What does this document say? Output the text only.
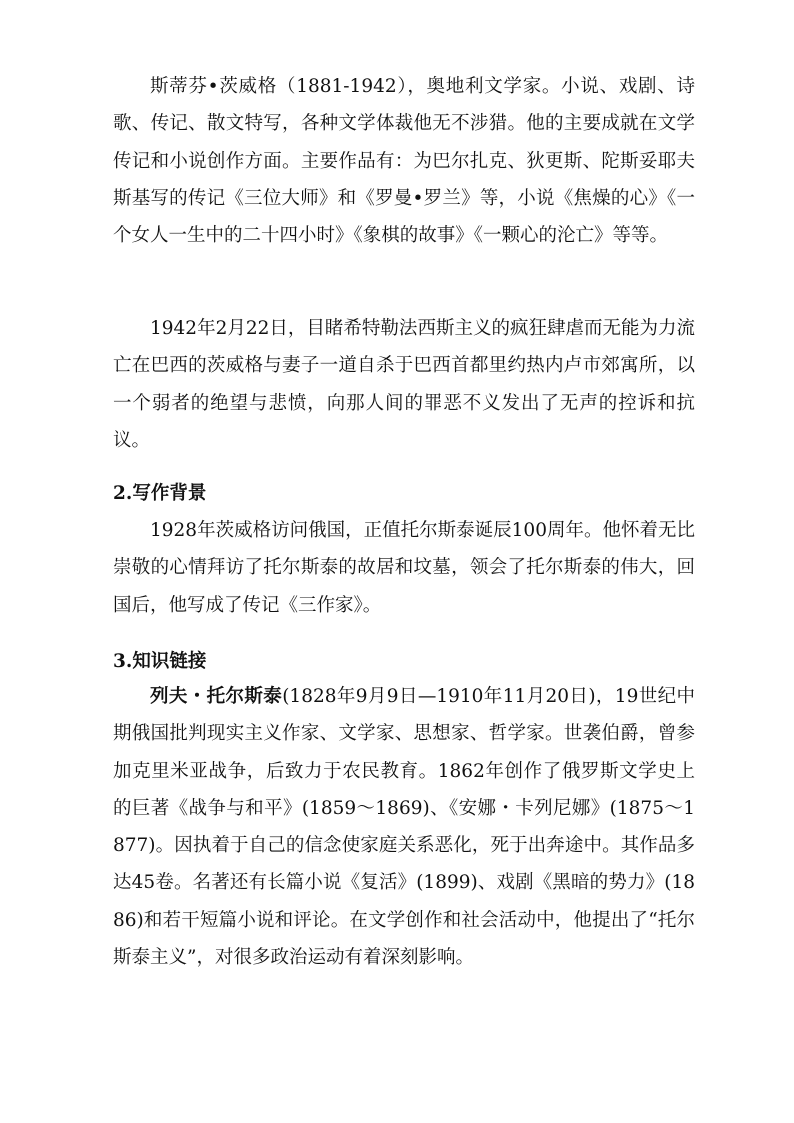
斯蒂芬•茨威格（1881-1942），奥地利文学家。小说、戏剧、诗歌、传记、散文特写，各种文学体裁他无不涉猎。他的主要成就在文学传记和小说创作方面。主要作品有：为巴尔扎克、狄更斯、陀斯妥耶夫斯基写的传记《三位大师》和《罗曼•罗兰》等，小说《焦燥的心》《一个女人一生中的二十四小时》《象棋的故事》《一颗心的沦亡》等等。

1942年2月22日，目睹希特勒法西斯主义的疯狂肆虐而无能为力流亡在巴西的茨威格与妻子一道自杀于巴西首都里约热内卢市郊寓所，以一个弱者的绝望与悲愤，向那人间的罪恶不义发出了无声的控诉和抗议。

2.写作背景

1928年茨威格访问俄国，正值托尔斯泰诞辰100周年。他怀着无比崇敬的心情拜访了托尔斯泰的故居和坟墓，领会了托尔斯泰的伟大，回国后，他写成了传记《三作家》。

3.知识链接

列夫・托尔斯泰(1828年9月9日—1910年11月20日)，19世纪中期俄国批判现实主义作家、文学家、思想家、哲学家。世袭伯爵，曾参加克里米亚战争，后致力于农民教育。1862年创作了俄罗斯文学史上的巨著《战争与和平》(1859～1869)、《安娜・卡列尼娜》(1875～1877)。因执着于自己的信念使家庭关系恶化，死于出奔途中。其作品多达45卷。名著还有长篇小说《复活》(1899)、戏剧《黑暗的势力》(1886)和若干短篇小说和评论。在文学创作和社会活动中，他提出了“托尔斯泰主义”，对很多政治运动有着深刻影响。
